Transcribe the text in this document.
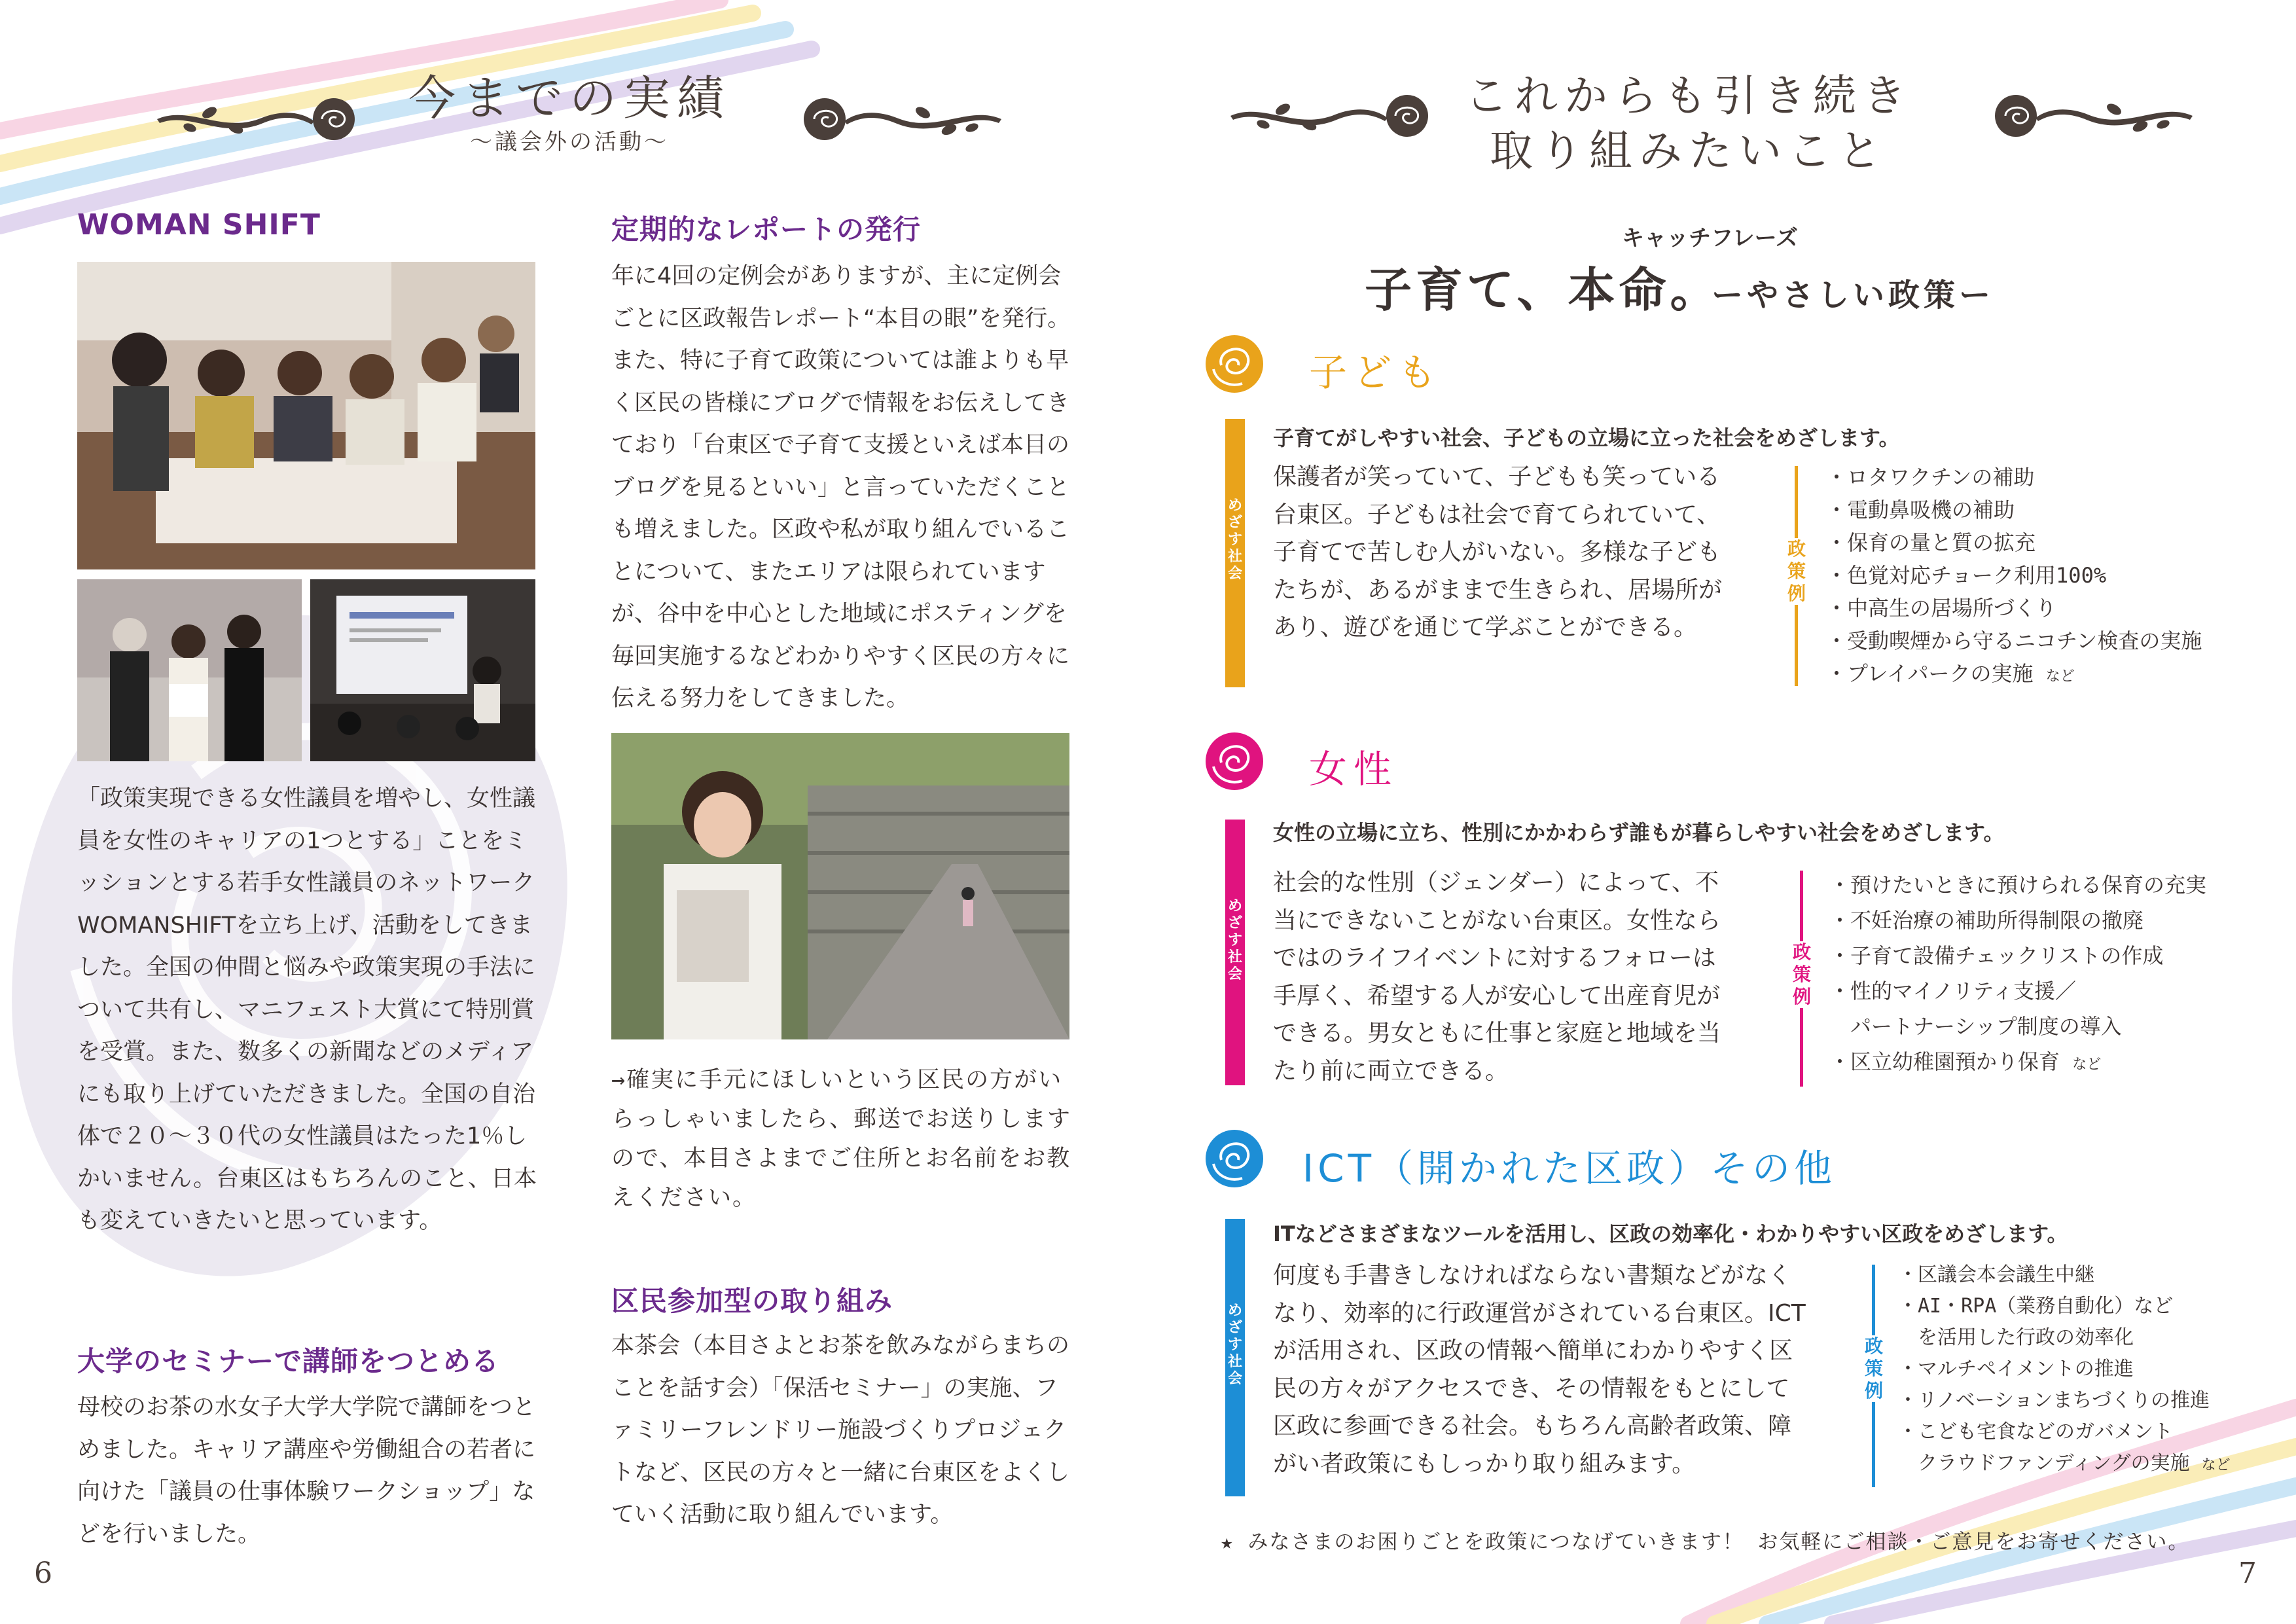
今までの実績
～議会外の活動～
WOMAN SHIFT
「政策実現できる女性議員を増やし、女性議員を女性のキャリアの1つとする」ことをミッションとする若手女性議員のネットワークWOMANSHIFTを立ち上げ、活動をしてきました。全国の仲間と悩みや政策実現の手法について共有し、マニフェスト大賞にて特別賞を受賞。また、数多くの新聞などのメディアにも取り上げていただきました。全国の自治体で２０～３０代の女性議員はたった1％しかいません。台東区はもちろんのこと、日本も変えていきたいと思っています。
大学のセミナーで講師をつとめる
母校のお茶の水女子大学大学院で講師をつとめました。キャリア講座や労働組合の若者に向けた「議員の仕事体験ワークショップ」などを行いました。
定期的なレポートの発行
年に4回の定例会がありますが、主に定例会ごとに区政報告レポート“本目の眼”を発行。また、特に子育て政策については誰よりも早く区民の皆様にブログで情報をお伝えしてきており「台東区で子育て支援といえば本目のブログを見るといい」と言っていただくことも増えました。区政や私が取り組んでいることについて、またエリアは限られていますが、谷中を中心とした地域にポスティングを毎回実施するなどわかりやすく区民の方々に伝える努力をしてきました。
→確実に手元にほしいという区民の方がいらっしゃいましたら、郵送でお送りしますので、本目さよまでご住所とお名前をお教えください。
区民参加型の取り組み
本茶会（本目さよとお茶を飲みながらまちのことを話す会）「保活セミナー」の実施、ファミリーフレンドリー施設づくりプロジェクトなど、区民の方々と一緒に台東区をよくしていく活動に取り組んでいます。
6
これからも引き続き
取り組みたいこと
キャッチフレーズ
子育て、本命。
ーやさしい政策ー
子ども
子育てがしやすい社会、子どもの立場に立った社会をめざします。
め
ざ
す
社
会
保護者が笑っていて、子どもも笑っている台東区。子どもは社会で育てられていて、子育てで苦しむ人がいない。多様な子どもたちが、あるがままで生きられ、居場所があり、遊びを通じて学ぶことができる。
政
策
例
・ロタワクチンの補助
・電動鼻吸機の補助
・保育の量と質の拡充
・色覚対応チョーク利用100%
・中高生の居場所づくり
・受動喫煙から守るニコチン検査の実施
・プレイパークの実施 など
女性
女性の立場に立ち、性別にかかわらず誰もが暮らしやすい社会をめざします。
め
ざ
す
社
会
社会的な性別（ジェンダー）によって、不当にできないことがない台東区。女性ならではのライフイベントに対するフォローは手厚く、希望する人が安心して出産育児ができる。男女ともに仕事と家庭と地域を当たり前に両立できる。
政
策
例
・預けたいときに預けられる保育の充実
・不妊治療の補助所得制限の撤廃
・子育て設備チェックリストの作成
・性的マイノリティ支援／
　パートナーシップ制度の導入
・区立幼稚園預かり保育 など
ICT（開かれた区政）その他
ITなどさまざまなツールを活用し、区政の効率化・わかりやすい区政をめざします。
め
ざ
す
社
会
何度も手書きしなければならない書類などがなくなり、効率的に行政運営がされている台東区。ICTが活用され、区政の情報へ簡単にわかりやすく区民の方々がアクセスでき、その情報をもとにして区政に参画できる社会。もちろん高齢者政策、障がい者政策にもしっかり取り組みます。
政
策
例
・区議会本会議生中継
・AI・RPA（業務自動化）など
　を活用した行政の効率化
・マルチペイメントの推進
・リノベーションまちづくりの推進
・こども宅食などのガバメント
　クラウドファンディングの実施 など
★ みなさまのお困りごとを政策につなげていきます！ お気軽にご相談・ご意見をお寄せください。
7
